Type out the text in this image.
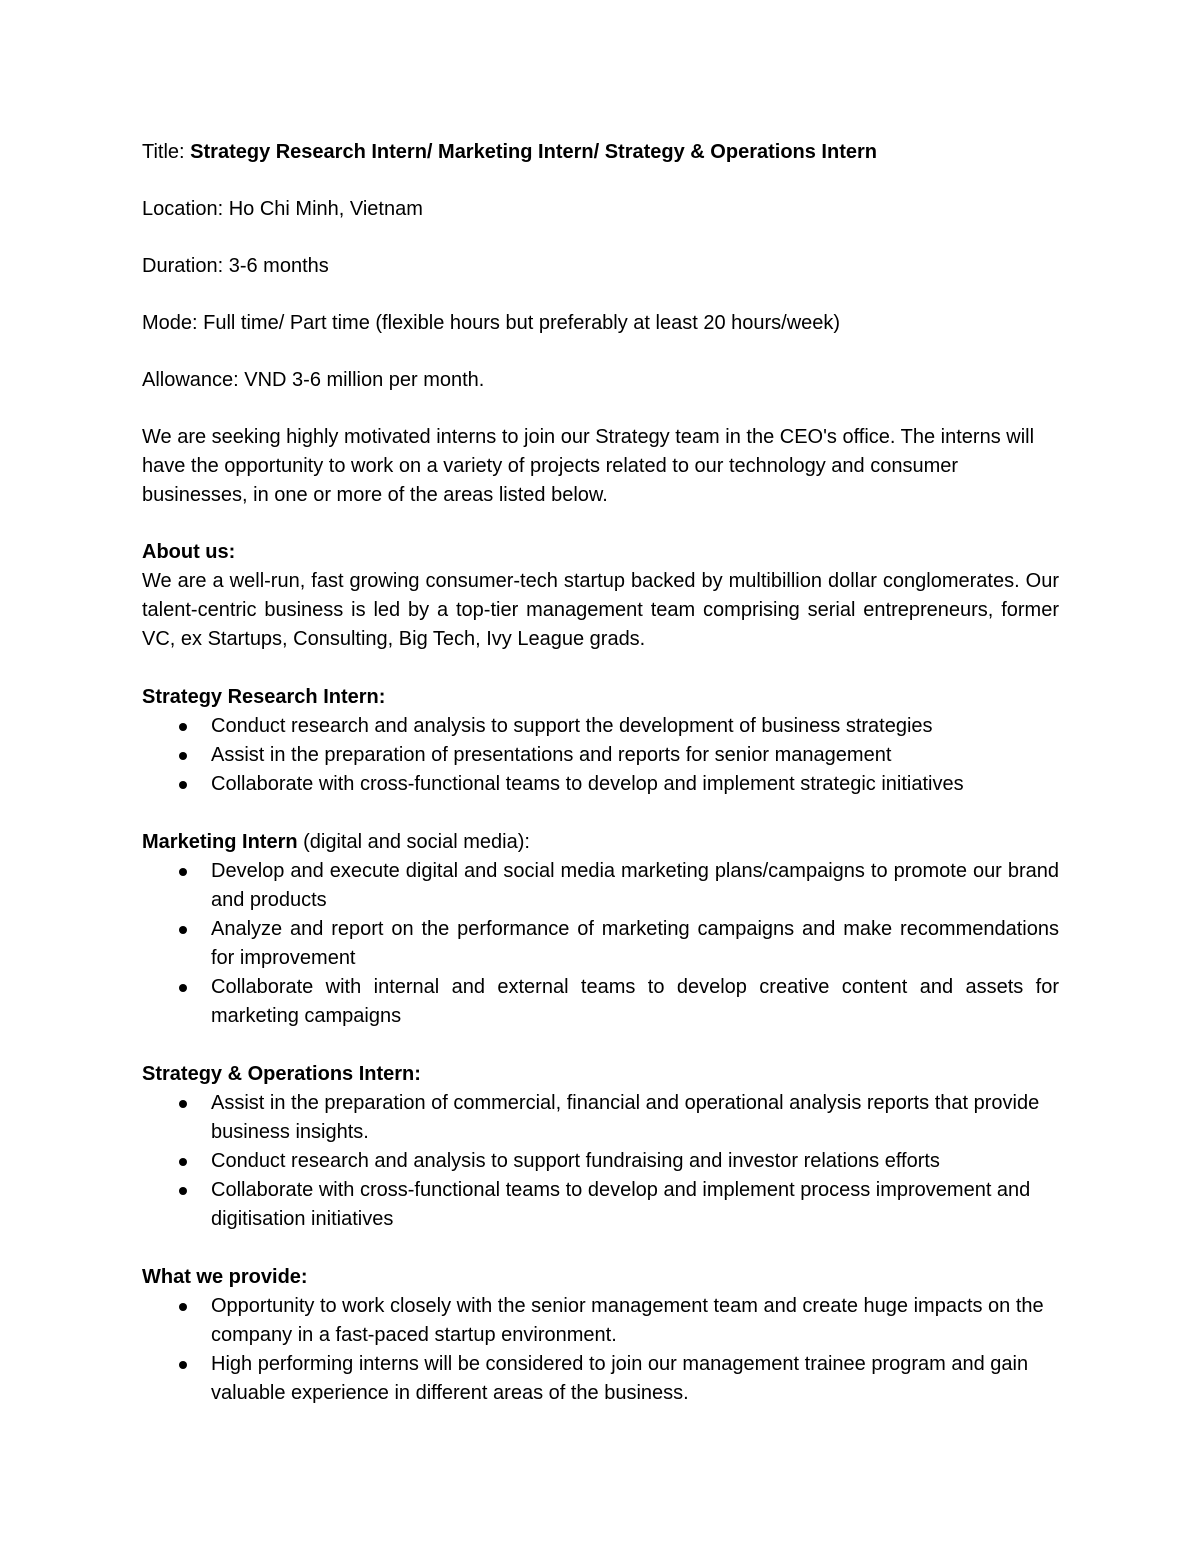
Title: Strategy Research Intern/ Marketing Intern/ Strategy & Operations Intern

Location: Ho Chi Minh, Vietnam

Duration: 3-6 months

Mode: Full time/ Part time (flexible hours but preferably at least 20 hours/week)

Allowance: VND 3-6 million per month.

We are seeking highly motivated interns to join our Strategy team in the CEO's office. The interns will have the opportunity to work on a variety of projects related to our technology and consumer businesses, in one or more of the areas listed below.

About us:

We are a well-run, fast growing consumer-tech startup backed by multibillion dollar conglomerates. Our talent-centric business is led by a top-tier management team comprising serial entrepreneurs, former VC, ex Startups, Consulting, Big Tech, Ivy League grads.

Strategy Research Intern:

Conduct research and analysis to support the development of business strategies
Assist in the preparation of presentations and reports for senior management
Collaborate with cross-functional teams to develop and implement strategic initiatives

Marketing Intern (digital and social media):

Develop and execute digital and social media marketing plans/campaigns to promote our brand and products
Analyze and report on the performance of marketing campaigns and make recommendations for improvement
Collaborate with internal and external teams to develop creative content and assets for marketing campaigns

Strategy & Operations Intern:

Assist in the preparation of commercial, financial and operational analysis reports that provide business insights.
Conduct research and analysis to support fundraising and investor relations efforts
Collaborate with cross-functional teams to develop and implement process improvement and digitisation initiatives

What we provide:

Opportunity to work closely with the senior management team and create huge impacts on the company in a fast-paced startup environment.
High performing interns will be considered to join our management trainee program and gain valuable experience in different areas of the business.
